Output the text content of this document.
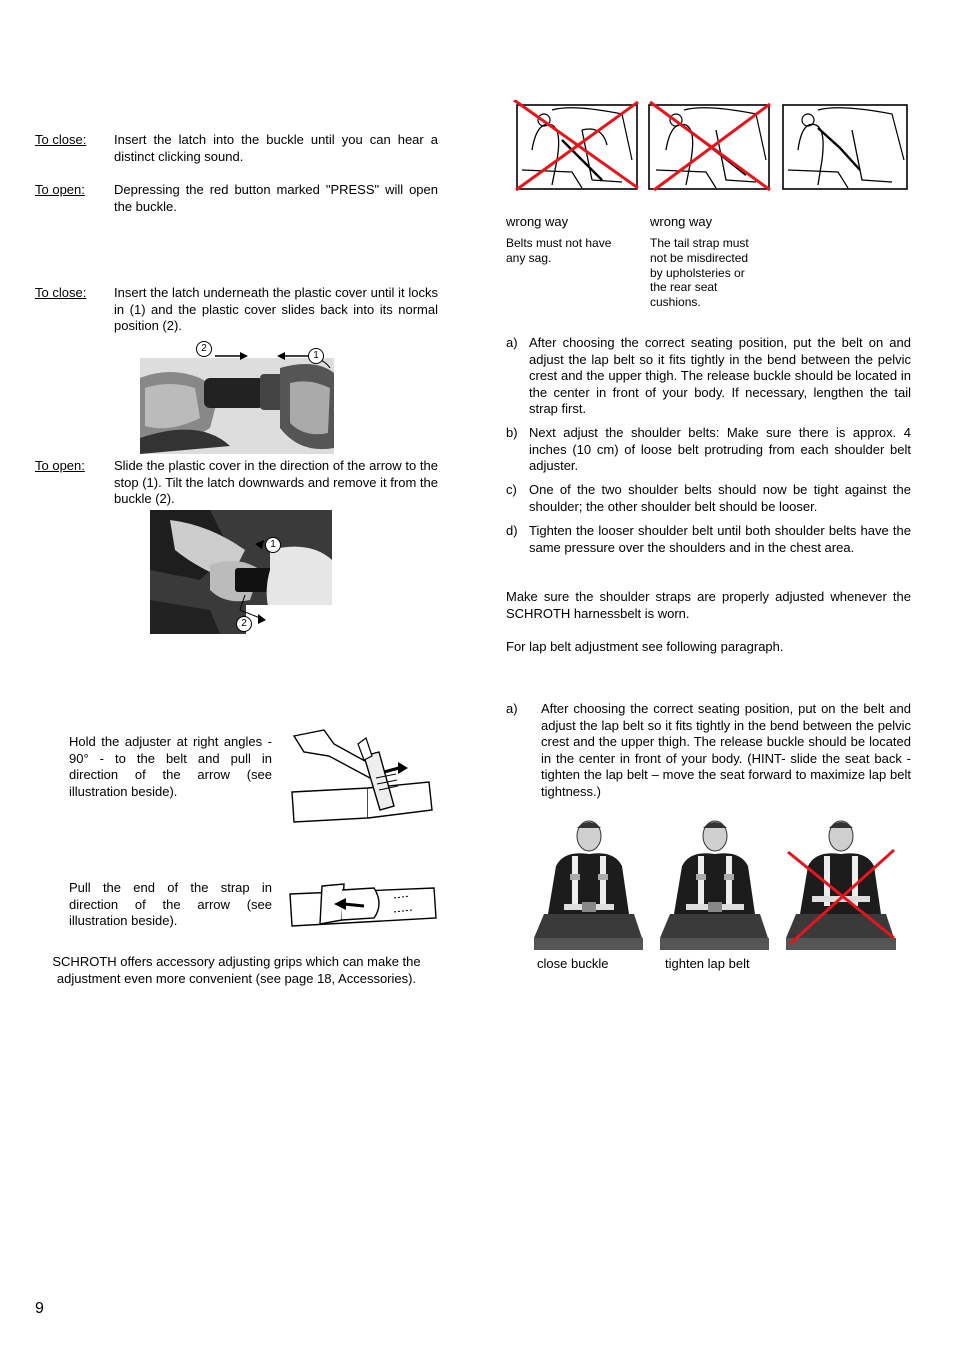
To close:	Insert the latch into the buckle until you can hear a distinct clicking sound.
To open:	Depressing the red button marked "PRESS" will open the buckle.
To close:	Insert the latch underneath the plastic cover until it locks in (1) and the plastic cover slides back into its normal position (2).
2
1
To open:	Slide the plastic cover in the direction of the arrow to the stop (1). Tilt the latch downwards and remove it from the buckle (2).
1
2
Hold the adjuster at right angles - 90° - to the belt and pull in direction of the arrow (see illustration beside).
Pull the end of the strap in direction of the arrow (see illustration beside).
SCHROTH offers accessory adjusting grips which can make the adjustment even more convenient (see page 18, Accessories).
wrong way
Belts must not have any sag.
wrong way
The tail strap must not be misdirected by upholsteries or the rear seat cushions.
a) After choosing the correct seating position, put the belt on and adjust the lap belt so it fits tightly in the bend between the pelvic crest and the upper thigh. The release buckle should be located in the center in front of your body. If necessary, lengthen the tail strap first.
b) Next adjust the shoulder belts: Make sure there is approx. 4 inches (10 cm) of loose belt protruding from each shoulder belt adjuster.
c) One of the two shoulder belts should now be tight against the shoulder; the other shoulder belt should be looser.
d) Tighten the looser shoulder belt until both shoulder belts have the same pressure over the shoulders and in the chest area.
Make sure the shoulder straps are properly adjusted whenever the SCHROTH harnessbelt is worn.
For lap belt adjustment see following paragraph.
a) After choosing the correct seating position, put on the belt and adjust the lap belt so it fits tightly in the bend between the pelvic crest and the upper thigh. The release buckle should be located in the center in front of your body. (HINT- slide the seat back - tighten the lap belt – move the seat forward to maximize lap belt tightness.)
close buckle	tighten lap belt
9
